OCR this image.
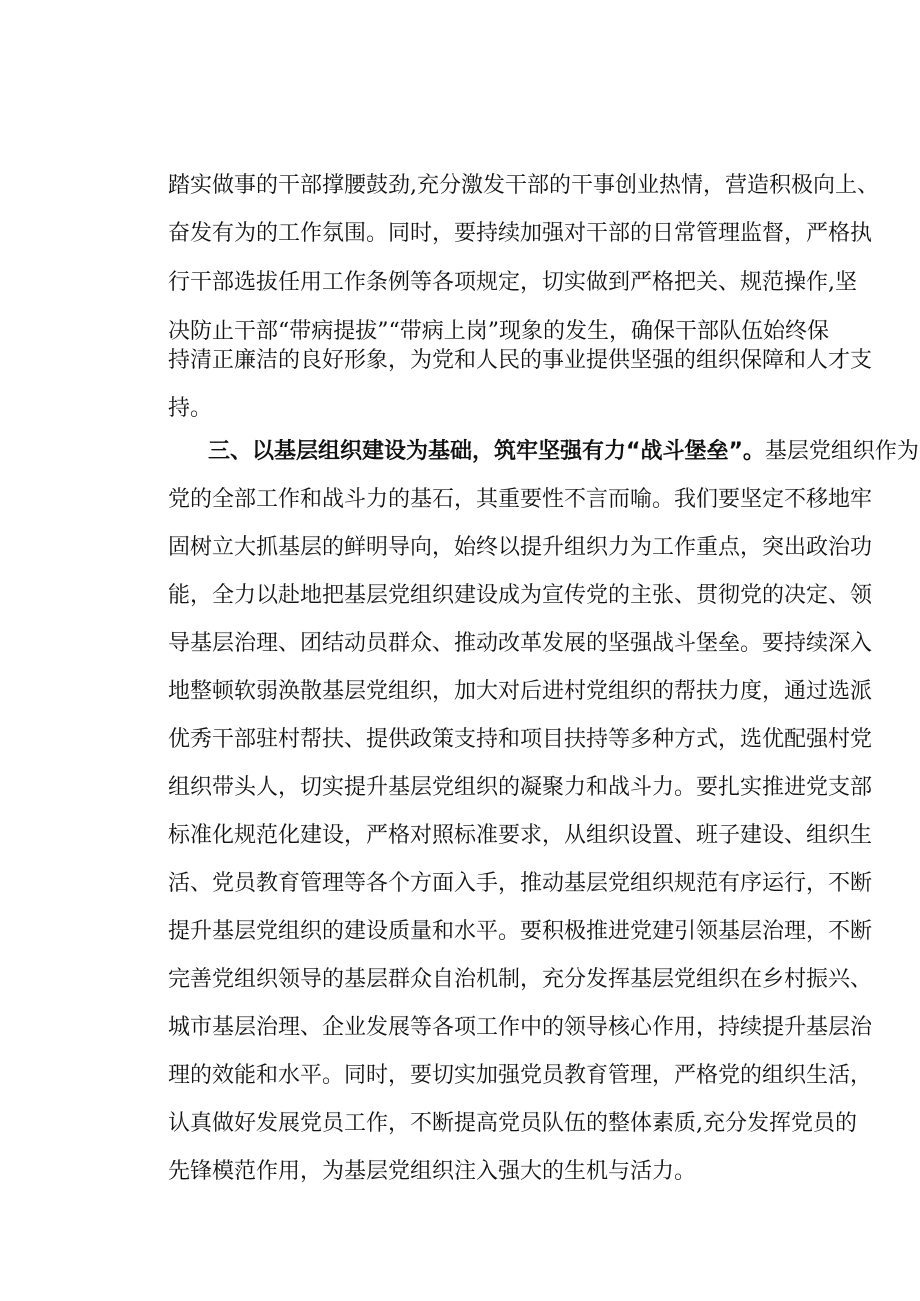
踏实做事的干部撑腰鼓劲,充分激发干部的干事创业热情，营造积极向上、
奋发有为的工作氛围。同时，要持续加强对干部的日常管理监督，严格执
行干部选拔任用工作条例等各项规定，切实做到严格把关、规范操作,坚
决防止干部“带病提拔”“带病上岗”现象的发生，确保干部队伍始终保
持清正廉洁的良好形象，为党和人民的事业提供坚强的组织保障和人才支
持。
三、以基层组织建设为基础，筑牢坚强有力“战斗堡垒”。基层党组织作为
党的全部工作和战斗力的基石，其重要性不言而喻。我们要坚定不移地牢
固树立大抓基层的鲜明导向，始终以提升组织力为工作重点，突出政治功
能，全力以赴地把基层党组织建设成为宣传党的主张、贯彻党的决定、领
导基层治理、团结动员群众、推动改革发展的坚强战斗堡垒。要持续深入
地整顿软弱涣散基层党组织，加大对后进村党组织的帮扶力度，通过选派
优秀干部驻村帮扶、提供政策支持和项目扶持等多种方式，选优配强村党
组织带头人，切实提升基层党组织的凝聚力和战斗力。要扎实推进党支部
标准化规范化建设，严格对照标准要求，从组织设置、班子建设、组织生
活、党员教育管理等各个方面入手，推动基层党组织规范有序运行，不断
提升基层党组织的建设质量和水平。要积极推进党建引领基层治理，不断
完善党组织领导的基层群众自治机制，充分发挥基层党组织在乡村振兴、
城市基层治理、企业发展等各项工作中的领导核心作用，持续提升基层治
理的效能和水平。同时，要切实加强党员教育管理，严格党的组织生活，
认真做好发展党员工作，不断提高党员队伍的整体素质,充分发挥党员的
先锋模范作用，为基层党组织注入强大的生机与活力。
